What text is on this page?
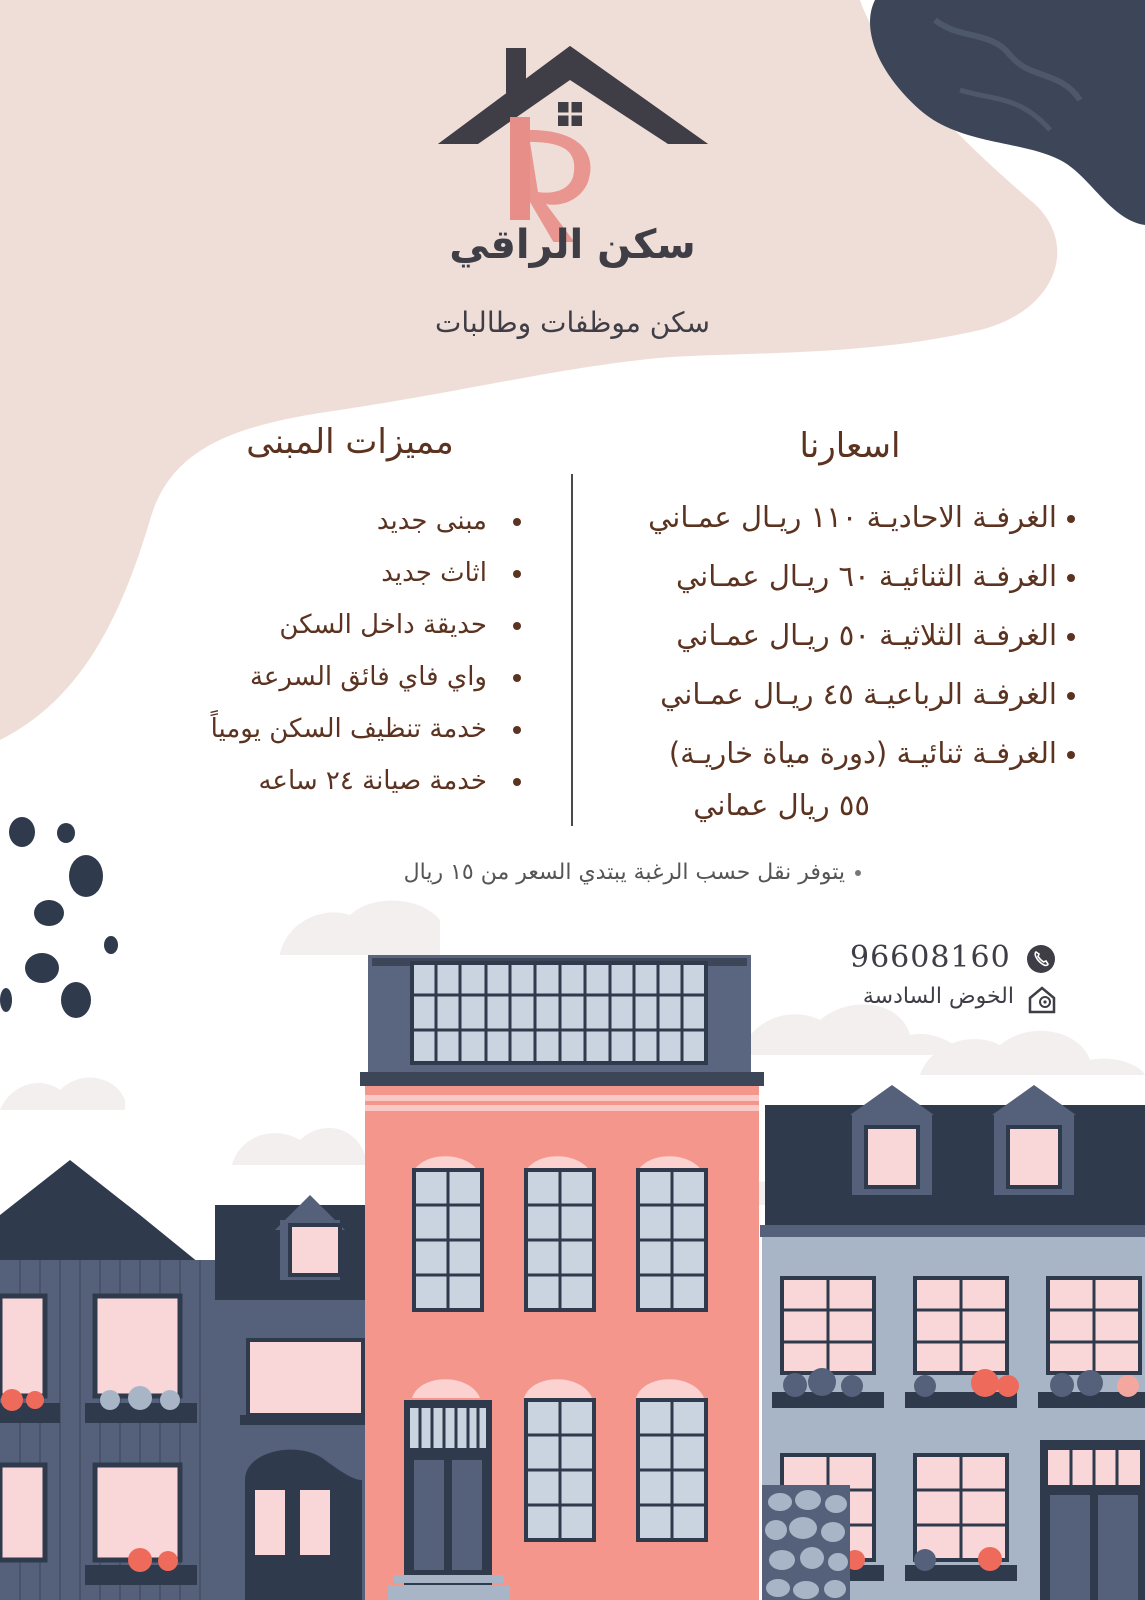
سكن الراقي
سكن موظفات وطالبات
اسعارنا
الغرفـة الاحاديـة ١١٠ ريـال عمـاني
الغرفـة الثنائيـة ٦٠ ريـال عمـاني
الغرفـة الثلاثيـة ٥٠ ريـال عمـاني
الغرفـة الرباعيـة ٤٥ ريـال عمـاني
الغرفـة ثنائيـة (دورة مياة خاريـة)
٥٥ ريال عماني
مميزات المبنى
مبنى جديد
اثاث جديد
حديقة داخل السكن
واي فاي فائق السرعة
خدمة تنظيف السكن يومياً
خدمة صيانة ٢٤ ساعه
يتوفر نقل حسب الرغبة يبتدي السعر من ١٥ ريال
96608160
الخوض السادسة
